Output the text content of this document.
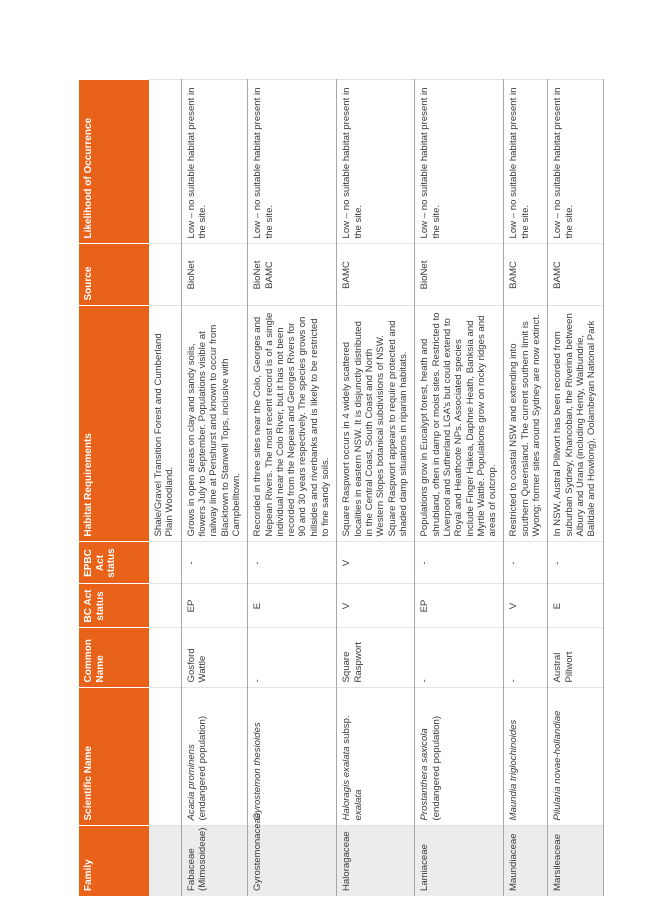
Family	Scientific Name	Common Name	BC Act status	EPBC Act status	Habitat Requirements	Source	Likelihood of Occurrence
					Shale/Gravel Transition Forest and Cumberland Plain Woodland.		
Fabaceae (Mimosoideae)	Acacia prominens (endangered population)	Gosford Wattle	EP	-	Grows in open areas on clay and sandy soils, flowers July to September. Populations visible at railway line at Penshurst and known to occur from Blacktown to Stanwell Tops, inclusive with Campbelltown.	BioNet	Low – no suitable habitat present in the site.
Gyrostemonaceae	Gyrostemon thesioides	-	E	-	Recorded in three sites near the Colo, Georges and Nepean Rivers. The most recent record is of a single individual near the Colo River, but it has not been recorded from the Nepean and Georges Rivers for 90 and 30 years respectively. The species grows on hillsides and riverbanks and is likely to be restricted to fine sandy soils.	BioNet BAMC	Low – no suitable habitat present in the site.
Haloragaceae	Haloragis exalata subsp. exalata	Square Raspwort	V	V	Square Raspwort occurs in 4 widely scattered localities in eastern NSW. It is disjunctly distributed in the Central Coast, South Coast and North Western Slopes botanical subdivisions of NSW. Square Raspwort appears to require protected and shaded damp situations in riparian habitats.	BAMC	Low – no suitable habitat present in the site.
Lamiaceae	Prostanthera saxicola (endangered population)	-	EP	-	Populations grow in Eucalypt forest, heath and shrubland, often in damp or moist sites. Restricted to Liverpool and Sutherland LGA’s but could extend to Royal and Heathcote NPs. Associated species include Finger Hakea, Daphne Heath, Banksia and Myrtle Wattle. Populations grow on rocky ridges and areas of outcrop.	BioNet	Low – no suitable habitat present in the site.
Maundiaceae	Maundia triglochinoides	-	V	-	Restricted to coastal NSW and extending into southern Queensland. The current southern limit is Wyong; former sites around Sydney are now extinct.	BAMC	Low – no suitable habitat present in the site.
Marsileaceae	Pilularia novae-hollandiae	Austral Pillwort	E	-	In NSW, Austral Pillwort has been recorded from suburban Sydney, Khancoban, the Riverina between Albury and Urana (including Henty, Walbundrie, Balldale and Howlong), Oolambeyan National Park	BAMC	Low – no suitable habitat present in the site.
